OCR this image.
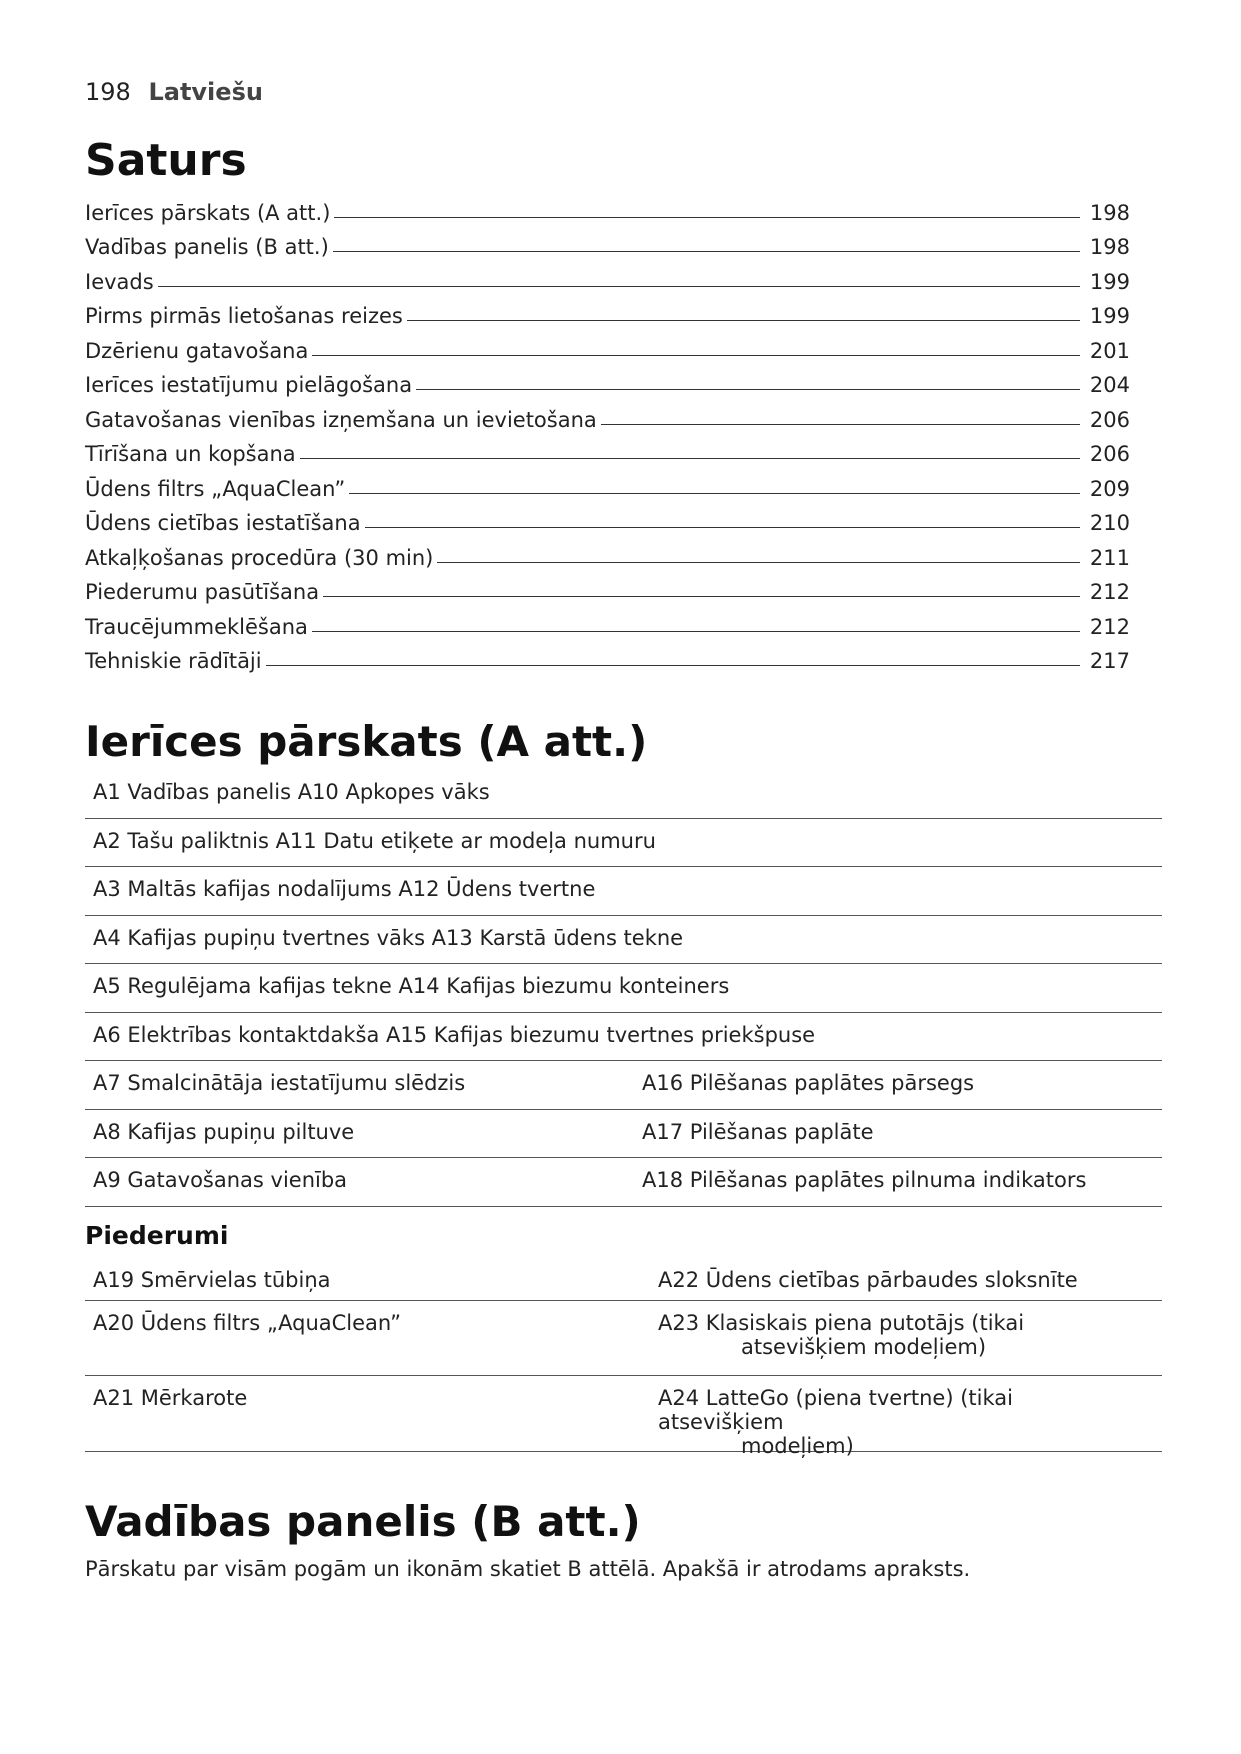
198 Latviešu
Saturs
Ierīces pārskats (A att.)	198
Vadības panelis (B att.)	198
Ievads	199
Pirms pirmās lietošanas reizes	199
Dzērienu gatavošana	201
Ierīces iestatījumu pielāgošana	204
Gatavošanas vienības izņemšana un ievietošana	206
Tīrīšana un kopšana	206
Ūdens filtrs „AquaClean”	209
Ūdens cietības iestatīšana	210
Atkaļķošanas procedūra (30 min)	211
Piederumu pasūtīšana	212
Traucējummeklēšana	212
Tehniskie rādītāji	217
Ierīces pārskats (A att.)
A1 Vadības panelis A10 Apkopes vāks
A2 Tašu paliktnis A11 Datu etiķete ar modeļa numuru
A3 Maltās kafijas nodalījums A12 Ūdens tvertne
A4 Kafijas pupiņu tvertnes vāks A13 Karstā ūdens tekne
A5 Regulējama kafijas tekne A14 Kafijas biezumu konteiners
A6 Elektrības kontaktdakša A15 Kafijas biezumu tvertnes priekšpuse
A7 Smalcinātāja iestatījumu slēdzis	A16 Pilēšanas paplātes pārsegs
A8 Kafijas pupiņu piltuve	A17 Pilēšanas paplāte
A9 Gatavošanas vienība	A18 Pilēšanas paplātes pilnuma indikators
Piederumi
A19 Smērvielas tūbiņa	A22 Ūdens cietības pārbaudes sloksnīte
A20 Ūdens filtrs „AquaClean”	A23 Klasiskais piena putotājs (tikai
atsevišķiem modeļiem)
A21 Mērkarote	A24 LatteGo (piena tvertne) (tikai atsevišķiem
modeļiem)
Vadības panelis (B att.)
Pārskatu par visām pogām un ikonām skatiet B attēlā. Apakšā ir atrodams apraksts.
